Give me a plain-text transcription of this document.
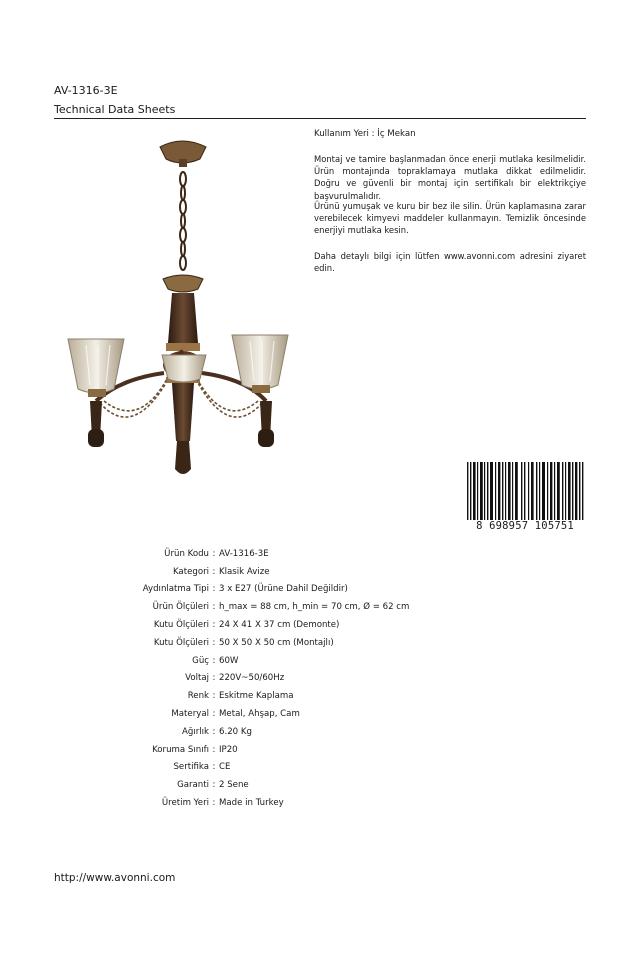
AV-1316-3E
Technical Data Sheets
Kullanım Yeri : İç Mekan

Montaj ve tamire başlanmadan önce enerji mutlaka kesilmelidir. Ürün montajında topraklamaya mutlaka dikkat edilmelidir. Doğru ve güvenli bir montaj için sertifikalı bir elektrikçiye başvurulmalıdır.

Ürünü yumuşak ve kuru bir bez ile silin. Ürün kaplamasına zarar verebilecek kimyevi maddeler kullanmayın. Temizlik öncesinde enerjiyi mutlaka kesin.

Daha detaylı bilgi için lütfen www.avonni.com adresini ziyaret edin.

8 698957 105751
Ürün Kodu : AV-1316-3E
Kategori : Klasik Avize
Aydınlatma Tipi : 3 x E27 (Ürüne Dahil Değildir)
Ürün Ölçüleri : h_max = 88 cm, h_min = 70 cm, Ø = 62 cm
Kutu Ölçüleri : 24 X 41 X 37 cm (Demonte)
Kutu Ölçüleri : 50 X 50 X 50 cm (Montajlı)
Güç : 60W
Voltaj : 220V~50/60Hz
Renk : Eskitme Kaplama
Materyal : Metal, Ahşap, Cam
Ağırlık : 6.20 Kg
Koruma Sınıfı : IP20
Sertifika : CE
Garanti : 2 Sene
Üretim Yeri : Made in Turkey
http://www.avonni.com
